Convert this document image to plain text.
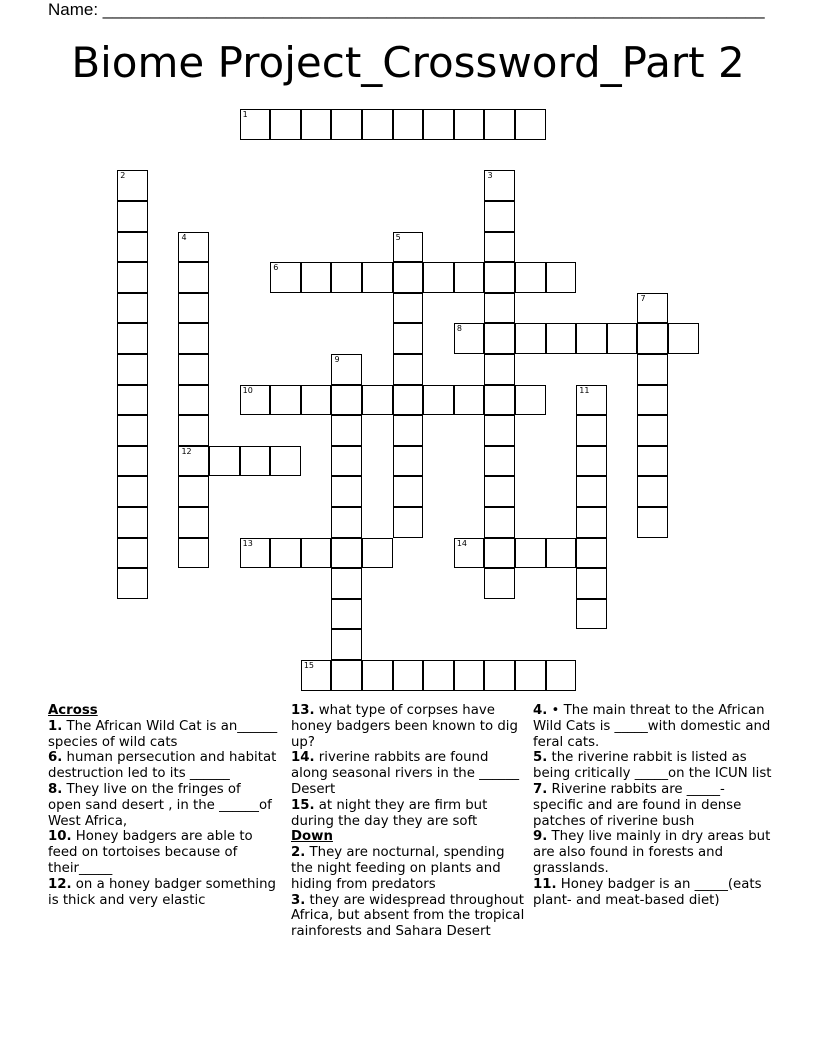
Name: ______________________________________________________________________
Biome Project_Crossword_Part 2
1
2	3
4
12
5
6
7
8
9
10	11
13	14
15

Across

1. The African Wild Cat is an______ species of wild cats

6. human persecution and habitat destruction led to its ______

8. They live on the fringes of open sand desert , in the ______of West Africa,

10. Honey badgers are able to feed on tortoises because of their_____

12. on a honey badger something is thick and very elastic

13. what type of corpses have honey badgers been known to dig up?

14. riverine rabbits are found along seasonal rivers in the ______ Desert

15. at night they are firm but during the day they are soft

Down

2. They are nocturnal, spending the night feeding on plants and hiding from predators

3. they are widespread throughout Africa, but absent from the tropical rainforests and Sahara Desert

4. • The main threat to the African Wild Cats is _____with domestic and feral cats.

5. the riverine rabbit is listed as being critically _____on the ICUN list

7. Riverine rabbits are _____-specific and are found in dense patches of riverine bush

9. They live mainly in dry areas but are also found in forests and grasslands.

11. Honey badger is an _____(eats plant- and meat-based diet)
